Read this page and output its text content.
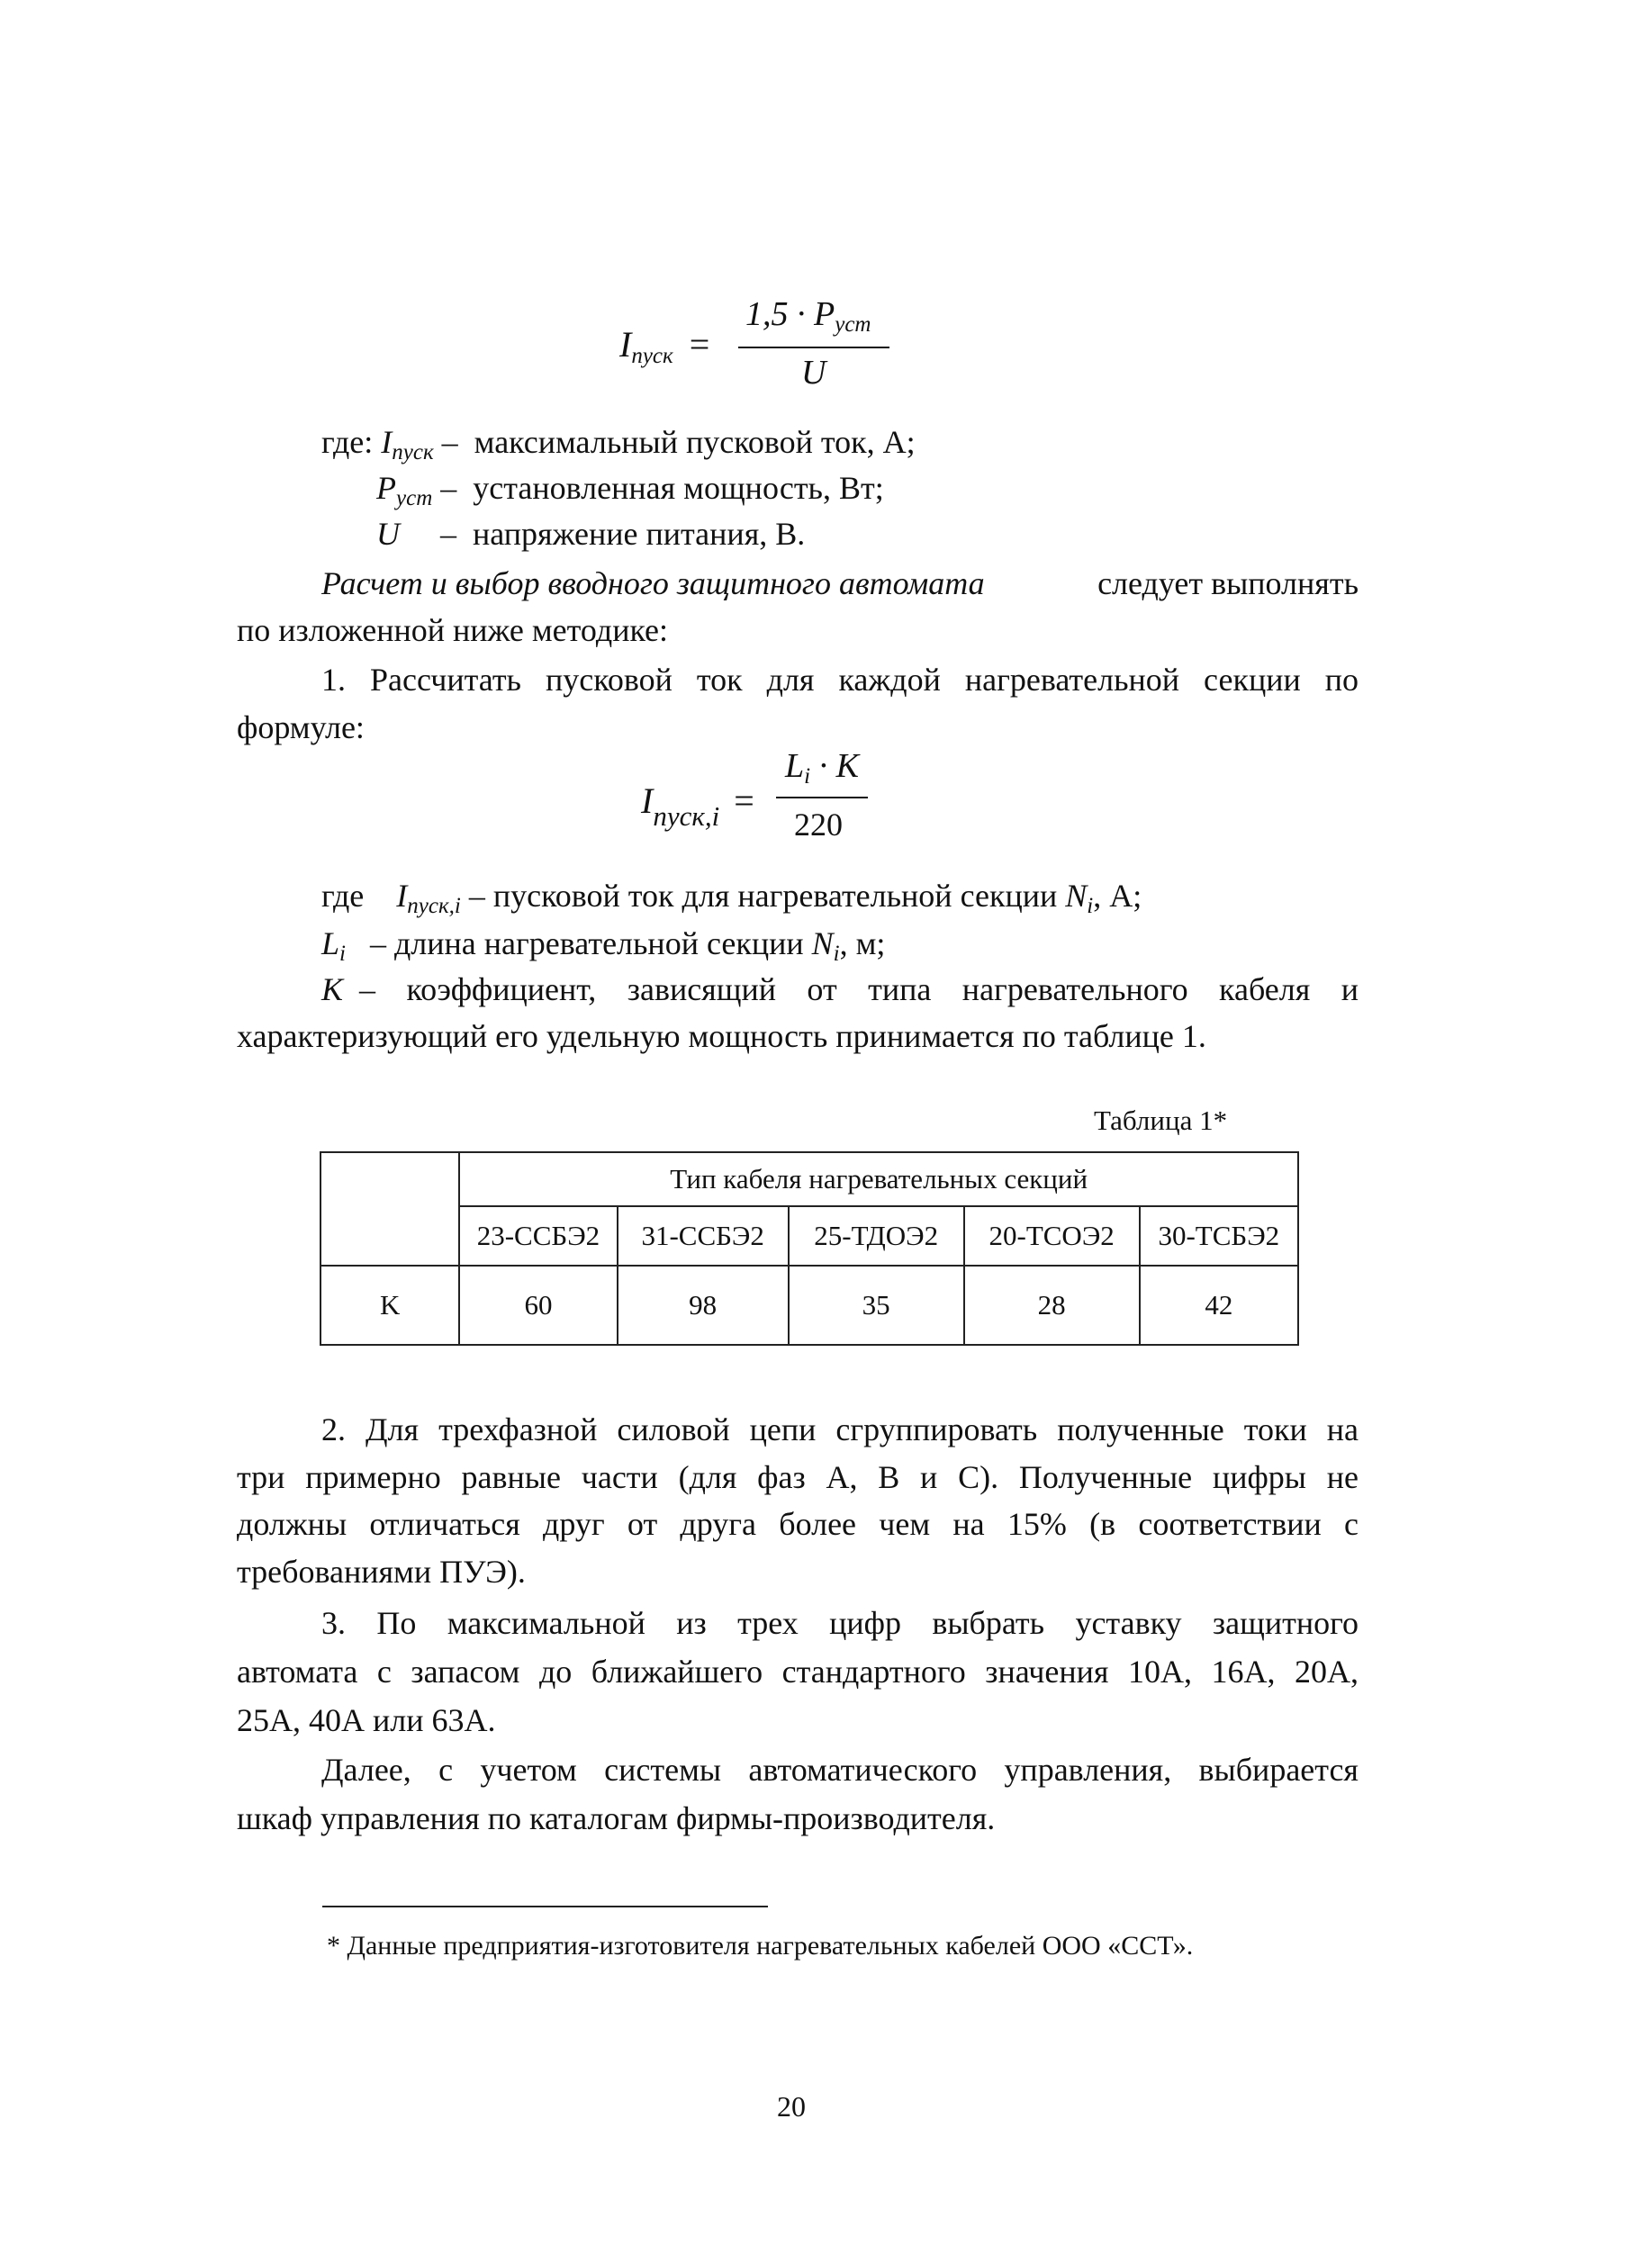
$I_{пуск}$ =
$1,5 \cdot P_{уст}$
U
где: $I_{пуск}$ – максимальный пусковой ток, А;
$P_{уст}$ – установленная мощность, Вт;
U – напряжение питания, В.
Расчет и выбор вводного защитного автомата	следует выполнять
по изложенной ниже методике:
1. Рассчитать пусковой ток для каждой нагревательной секции по
формуле:
$I_{пуск,i}$ =
$L_i \cdot K$
220
где $I_{пуск,i}$ – пусковой ток для нагревательной секции $N_i$, А;
$L_i$ – длина нагревательной секции $N_i$, м;
K
– коэффициент, зависящий от типа нагревательного кабеля и
характеризующий его удельную мощность принимается по таблице 1.
Таблица 1*
	Тип кабеля нагревательных секций				
	23-ССБЭ2	31-ССБЭ2	25-ТДОЭ2	20-ТСОЭ2	30-ТСБЭ2
K	60	98	35	28	42
2. Для трехфазной силовой цепи сгруппировать полученные токи на
три примерно равные части (для фаз А, В и С). Полученные цифры не
должны отличаться друг от друга более чем на 15% (в соответствии с
требованиями ПУЭ).
3. По максимальной из трех цифр выбрать уставку защитного
автомата с запасом до ближайшего стандартного значения 10А, 16А, 20А,
25А, 40А или 63А.
Далее, с учетом системы автоматического управления, выбирается
шкаф управления по каталогам фирмы-производителя.
* Данные предприятия-изготовителя нагревательных кабелей ООО «ССТ».
20
